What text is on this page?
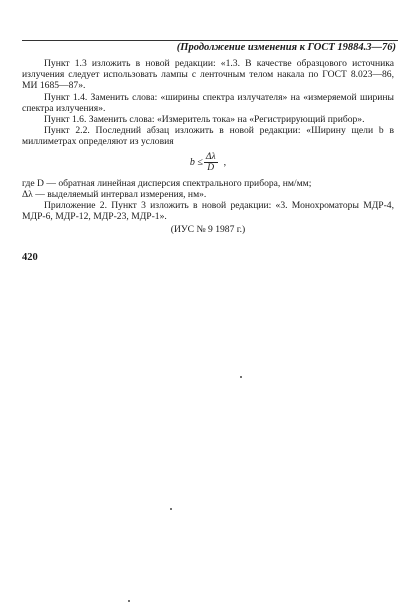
(Продолжение изменения к ГОСТ 19884.3—76)

Пункт 1.3 изложить в новой редакции: «1.3. В качестве образцового источника излучения следует использовать лампы с ленточным телом накала по ГОСТ 8.023—86, МИ 1685—87».

Пункт 1.4. Заменить слова: «ширины спектра излучателя» на «измеряемой ширины спектра излучения».

Пункт 1.6. Заменить слова: «Измеритель тока» на «Регистрирующий прибор».

Пункт 2.2. Последний абзац изложить в новой редакции: «Ширину щели b в миллиметрах определяют из условия

$b \le \frac{\Delta\lambda}{D}$ ,

где D — обратная линейная дисперсия спектрального прибора, нм/мм;

Δλ — выделяемый интервал измерения, нм».

Приложение 2. Пункт 3 изложить в новой редакции: «3. Монохроматоры МДР-4, МДР-6, МДР-12, МДР-23, МДР-1».

(ИУС № 9 1987 г.)

420
